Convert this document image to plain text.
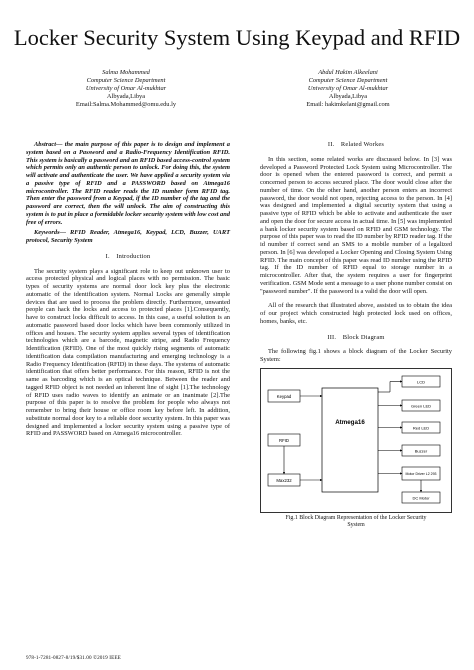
Locker Security System Using Keypad and RFID
Salma Mohammed
Computer Science Department
University of Omar Al-mukhtar
Albyada,Libya
Email:Salma.Mohammed@omu.edu.ly
Abdul Hakim Alkeelani
Computer Science Department
University of Omar Al-mukhtar
Albyada,Libya
Email: hakimkelani@gmail.com

Abstract— the main purpose of this paper is to design and implement a system based on a Password and a Radio-Frequency Identification RFID. This system is basically a password and an RFID based access-control system which permits only an authentic person to unlock. For doing this, the system will activate and authenticate the user. We have applied a security system via a passive type of RFID and a PASSWORD based on Atmega16 microcontroller. The RFID reader reads the ID number form RFID tag. Then enter the password from a Keypad, if the ID number of the tag and the password are correct, then the will unlock. The aim of constructing this system is to put in place a formidable locker security system with low cost and free of errors.

Keywords— RFID Reader, Atmega16, Keypad, LCD, Buzzer, UART protocol, Security System

I. Introduction

The security system plays a significant role to keep out unknown user to access protected physical and logical places with no permission. The basic types of security systems are normal door lock key plus the electronic automatic of the identification system. Normal Locks are generally simple devices that are used to process the problem directly. Furthermore, unwanted people can hack the locks and access to protected places [1].Consequently, have to construct locks difficult to access. In this case, a useful solution is an automatic password based door locks which have been commonly utilized in offices and houses. The security system applies several types of identification technologies which are a barcode, magnetic stripe, and Radio Frequency Identification (RFID). One of the most quickly rising segments of automatic identification data compilation manufacturing and emerging technology is a Radio Frequency Identification (RFID) in these days. The systems of automatic identification that offers better performance. For this reason, RFID is not the same as barcoding which is an optical technique. Between the reader and tagged RFID object is not needed an inherent line of sight [1].The technology of RFID uses radio waves to identify an animate or an inanimate [2].The purpose of this paper is to resolve the problem for people who always not remember to bring their house or office room key before left. In addition, substitute normal door key to a reliable door security system. In this paper was designed and implemented a locker security system using a passive type of RFID and PASSWORD based on Atmega16 microcontroller.

II. Related Workes

In this section, some related works are discussed below. In [3] was developed a Password Protected Lock System using Microcontroller. The door is opened when the entered password is correct, and permit a concerned person to access secured place. The door would close after the number of time. On the other hand, another person enters an incorrect password, the door would not open, rejecting access to the person. In [4] was designed and implemented a digital security system that using a passive type of RFID which be able to activate and authenticate the user and open the door for secure access in actual time. In [5] was implemented a bank locker security system based on RFID and GSM technology. The purpose of this paper was to read the ID number by RFID reader tag. If the id number if correct send an SMS to a mobile number of a legalized person. In [6] was developed a Locker Opening and Closing System Using RFID. The main concept of this paper was read ID number using the RFID tag. If the ID number of RFID equal to storage number in a microcontroller. After that, the system requires a user for fingerprint verification. GSM Mode sent a message to a user phone number consist on "password number". If the password is a valid the door will open.

All of the research that illustrated above, assisted us to obtain the idea of our project which constructed high protected lock used on offices, homes, banks, etc.

III. Block Diagram

The following fig.1 shows a block diagram of the Locker Security System:

Atmega16
Keypad
RFID
Max232
LCD
Green LED
Red LED
Buzzer
Motor Driver L2 293
DC Motor
Fig.1 Block Diagram Representation of the Locker Security System
978-1-7281-0827-8/19/$31.00 ©2019 IEEE
